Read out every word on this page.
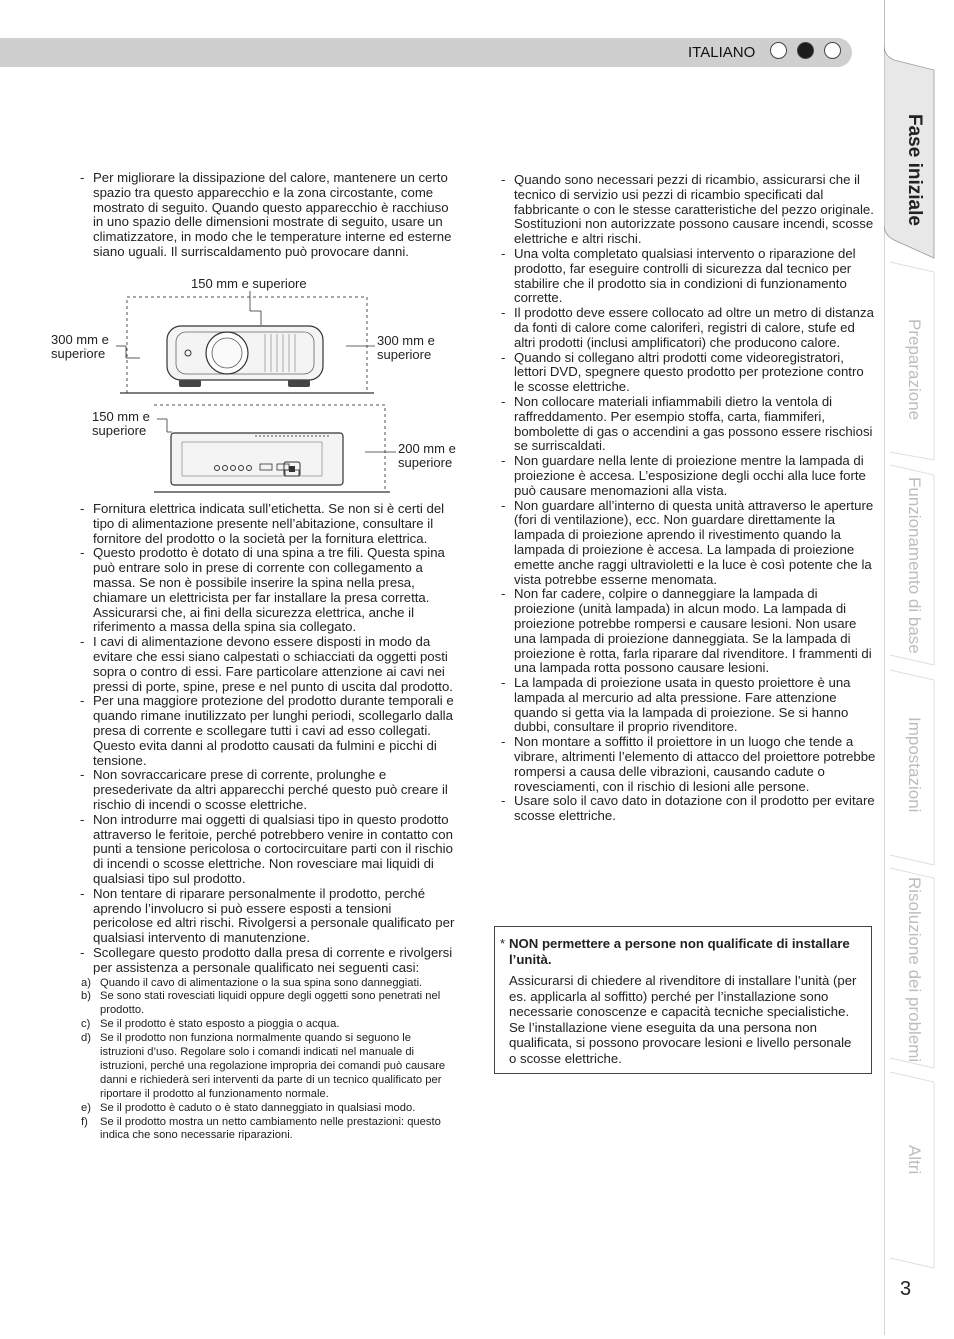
ITALIANO
- Per migliorare la dissipazione del calore, mantenere un certo spazio tra questo apparecchio e la zona circostante, come mostrato di seguito. Quando questo apparecchio è racchiuso in uno spazio delle dimensioni mostrate di seguito, usare un climatizzatore, in modo che le temperature interne ed esterne siano uguali. Il surriscaldamento può provocare danni.
150 mm e superiore
300 mm e
superiore
300 mm e
superiore
150 mm e
superiore
200 mm e
superiore
- Fornitura elettrica indicata sull’etichetta. Se non si è certi del tipo di alimentazione presente nell’abitazione, consultare il fornitore del prodotto o la società per la fornitura elettrica.
- Questo prodotto è dotato di una spina a tre fili. Questa spina può entrare solo in prese di corrente con collegamento a massa. Se non è possibile inserire la spina nella presa, chiamare un elettricista per far installare la presa corretta. Assicurarsi che, ai fini della sicurezza elettrica, anche il riferimento a massa della spina sia collegato.
- I cavi di alimentazione devono essere disposti in modo da evitare che essi siano calpestati o schiacciati da oggetti posti sopra o contro di essi. Fare particolare attenzione ai cavi nei pressi di porte, spine, prese e nel punto di uscita dal prodotto.
- Per una maggiore protezione del prodotto durante temporali e quando rimane inutilizzato per lunghi periodi, scollegarlo dalla presa di corrente e scollegare tutti i cavi ad esso collegati. Questo evita danni al prodotto causati da fulmini e picchi di tensione.
- Non sovraccaricare prese di corrente, prolunghe e presederivate da altri apparecchi perché questo può creare il rischio di incendi o scosse elettriche.
- Non introdurre mai oggetti di qualsiasi tipo in questo prodotto attraverso le feritoie, perché potrebbero venire in contatto con punti a tensione pericolosa o cortocircuitare parti con il rischio di incendi o scosse elettriche. Non rovesciare mai liquidi di qualsiasi tipo sul prodotto.
- Non tentare di riparare personalmente il prodotto, perché aprendo l’involucro si può essere esposti a tensioni pericolose ed altri rischi. Rivolgersi a personale qualificato per qualsiasi intervento di manutenzione.
- Scollegare questo prodotto dalla presa di corrente e rivolgersi per assistenza a personale qualificato nei seguenti casi:
a) Quando il cavo di alimentazione o la sua spina sono danneggiati.
b) Se sono stati rovesciati liquidi oppure degli oggetti sono penetrati nel prodotto.
c) Se il prodotto è stato esposto a pioggia o acqua.
d) Se il prodotto non funziona normalmente quando si seguono le istruzioni d’uso. Regolare solo i comandi indicati nel manuale di istruzioni, perché una regolazione impropria dei comandi può causare danni e richiederà seri interventi da parte di un tecnico qualificato per riportare il prodotto al funzionamento normale.
e) Se il prodotto è caduto o è stato danneggiato in qualsiasi modo.
f) Se il prodotto mostra un netto cambiamento nelle prestazioni: questo indica che sono necessarie riparazioni.
- Quando sono necessari pezzi di ricambio, assicurarsi che il tecnico di servizio usi pezzi di ricambio specificati dal fabbricante o con le stesse caratteristiche del pezzo originale. Sostituzioni non autorizzate possono causare incendi, scosse elettriche e altri rischi.
- Una volta completato qualsiasi intervento o riparazione del prodotto, far eseguire controlli di sicurezza dal tecnico per stabilire che il prodotto sia in condizioni di funzionamento corrette.
- Il prodotto deve essere collocato ad oltre un metro di distanza da fonti di calore come caloriferi, registri di calore, stufe ed altri prodotti (inclusi amplificatori) che producono calore.
- Quando si collegano altri prodotti come videoregistratori, lettori DVD, spegnere questo prodotto per protezione contro le scosse elettriche.
- Non collocare materiali infiammabili dietro la ventola di raffreddamento. Per esempio stoffa, carta, fiammiferi, bombolette di gas o accendini a gas possono essere rischiosi se surriscaldati.
- Non guardare nella lente di proiezione mentre la lampada di proiezione è accesa. L’esposizione degli occhi alla luce forte può causare menomazioni alla vista.
- Non guardare all’interno di questa unità attraverso le aperture (fori di ventilazione), ecc. Non guardare direttamente la lampada di proiezione aprendo il rivestimento quando la lampada di proiezione è accesa. La lampada di proiezione emette anche raggi ultravioletti e la luce è così potente che la vista potrebbe esserne menomata.
- Non far cadere, colpire o danneggiare la lampada di proiezione (unità lampada) in alcun modo. La lampada di proiezione potrebbe rompersi e causare lesioni. Non usare una lampada di proiezione danneggiata. Se la lampada di proiezione è rotta, farla riparare dal rivenditore. I frammenti di una lampada rotta possono causare lesioni.
- La lampada di proiezione usata in questo proiettore è una lampada al mercurio ad alta pressione. Fare attenzione quando si getta via la lampada di proiezione. Se si hanno dubbi, consultare il proprio rivenditore.
- Non montare a soffitto il proiettore in un luogo che tende a vibrare, altrimenti l’elemento di attacco del proiettore potrebbe rompersi a causa delle vibrazioni, causando cadute o rovesciamenti, con il rischio di lesioni alle persone.
- Usare solo il cavo dato in dotazione con il prodotto per evitare scosse elettriche.
* NON permettere a persone non qualificate di installare l’unità.
Assicurarsi di chiedere al rivenditore di installare l’unità (per es. applicarla al soffitto) perché per l’installazione sono necessarie conoscenze e capacità tecniche specialistiche. Se l’installazione viene eseguita da una persona non qualificata, si possono provocare lesioni e livello personale o scosse elettriche.
Fase iniziale
Preparazione
Funzionamento di base
Impostazioni
Risoluzione dei problemi
Altri
3
